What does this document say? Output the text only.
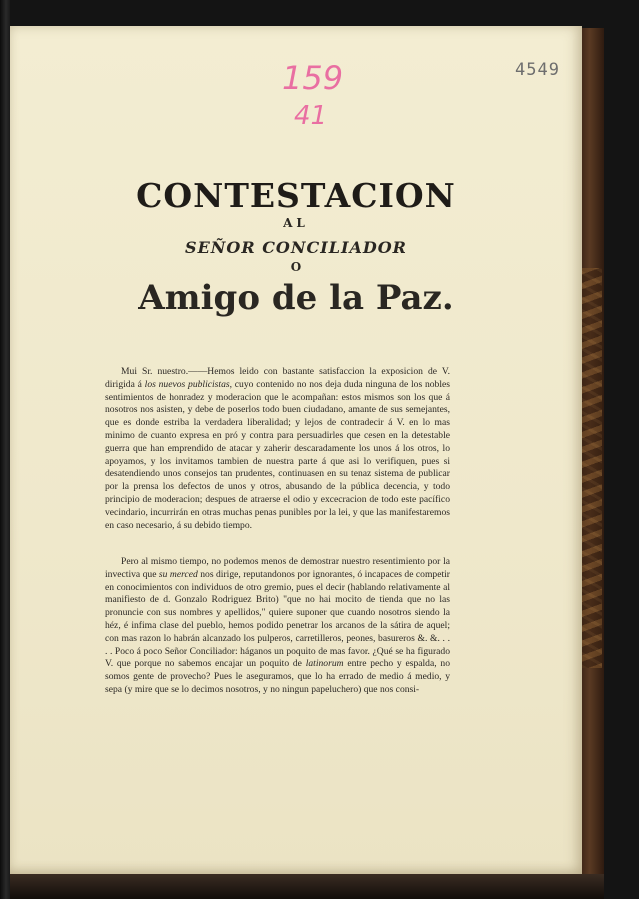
4549
159
41
CONTESTACION
AL
SEÑOR CONCILIADOR
O
Amigo de la Paz.
Mui Sr. nuestro.——Hemos leido con bastante satisfaccion la exposicion de V. dirigida á los nuevos publicistas, cuyo contenido no nos deja duda ninguna de los nobles sentimientos de honradez y moderacion que le acompañan: estos mismos son los que á nosotros nos asisten, y debe de poserlos todo buen ciudadano, amante de sus semejantes, que es donde estriba la verdadera liberalidad; y lejos de contradecir á V. en lo mas minimo de cuanto expresa en pró y contra para persuadirles que cesen en la detestable guerra que han emprendido de atacar y zaherir descaradamente los unos á los otros, lo apoyamos, y los invitamos tambien de nuestra parte á que asi lo verifiquen, pues si desatendiendo unos consejos tan prudentes, continuasen en su tenaz sistema de publicar por la prensa los defectos de unos y otros, abusando de la pública decencia, y todo principio de moderacion; despues de atraerse el odio y excecracion de todo este pacífico vecindario, incurrirán en otras muchas penas punibles por la lei, y que las manifestaremos en caso necesario, á su debido tiempo.
Pero al mismo tiempo, no podemos menos de demostrar nuestro resentimiento por la invectiva que su merced nos dirige, reputandonos por ignorantes, ó incapaces de competir en conocimientos con individuos de otro gremio, pues el decir (hablando relativamente al manifiesto de d. Gonzalo Rodriguez Brito) "que no hai mocito de tienda que no las pronuncie con sus nombres y apellidos," quiere suponer que cuando nosotros siendo la héz, é infima clase del pueblo, hemos podido penetrar los arcanos de la sátira de aquel; con mas razon lo habrán alcanzado los pulperos, carretilleros, peones, basureros &. &. . . . . Poco á poco Señor Conciliador: háganos un poquito de mas favor. ¿Qué se ha figurado V. que porque no sabemos encajar un poquito de latinorum entre pecho y espalda, no somos gente de provecho? Pues le aseguramos, que lo ha errado de medio á medio, y sepa (y mire que se lo decimos nosotros, y no ningun papeluchero) que nos consi-
